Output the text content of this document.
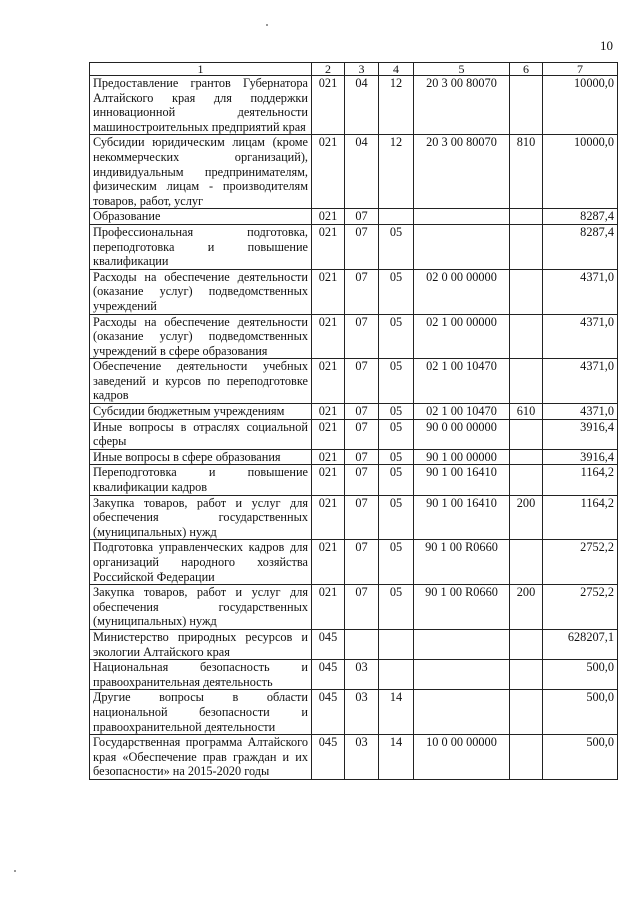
10
1	2	3	4	5	6	7
Предоставление грантов Губернатора Алтайского края для поддержки инновационной деятельности машиностроительных предприятий края	021	04	12	20 3 00 80070		10000,0
Субсидии юридическим лицам (кроме некоммерческих организаций), индивидуальным предпринимателям, физическим лицам - производителям товаров, работ, услуг	021	04	12	20 3 00 80070	810	10000,0
Образование	021	07				8287,4
Профессиональная подготовка, переподготовка и повышение квалификации	021	07	05			8287,4
Расходы на обеспечение деятельности (оказание услуг) подведомственных учреждений	021	07	05	02 0 00 00000		4371,0
Расходы на обеспечение деятельности (оказание услуг) подведомственных учреждений в сфере образования	021	07	05	02 1 00 00000		4371,0
Обеспечение деятельности учебных заведений и курсов по переподготовке кадров	021	07	05	02 1 00 10470		4371,0
Субсидии бюджетным учреждениям	021	07	05	02 1 00 10470	610	4371,0
Иные вопросы в отраслях социальной сферы	021	07	05	90 0 00 00000		3916,4
Иные вопросы в сфере образования	021	07	05	90 1 00 00000		3916,4
Переподготовка и повышение квалификации кадров	021	07	05	90 1 00 16410		1164,2
Закупка товаров, работ и услуг для обеспечения государственных (муниципальных) нужд	021	07	05	90 1 00 16410	200	1164,2
Подготовка управленческих кадров для организаций народного хозяйства Российской Федерации	021	07	05	90 1 00 R0660		2752,2
Закупка товаров, работ и услуг для обеспечения государственных (муниципальных) нужд	021	07	05	90 1 00 R0660	200	2752,2
Министерство природных ресурсов и экологии Алтайского края	045					628207,1
Национальная безопасность и правоохранительная деятельность	045	03				500,0
Другие вопросы в области национальной безопасности и правоохранительной деятельности	045	03	14			500,0
Государственная программа Алтайского края «Обеспечение прав граждан и их безопасности» на 2015-2020 годы	045	03	14	10 0 00 00000		500,0
